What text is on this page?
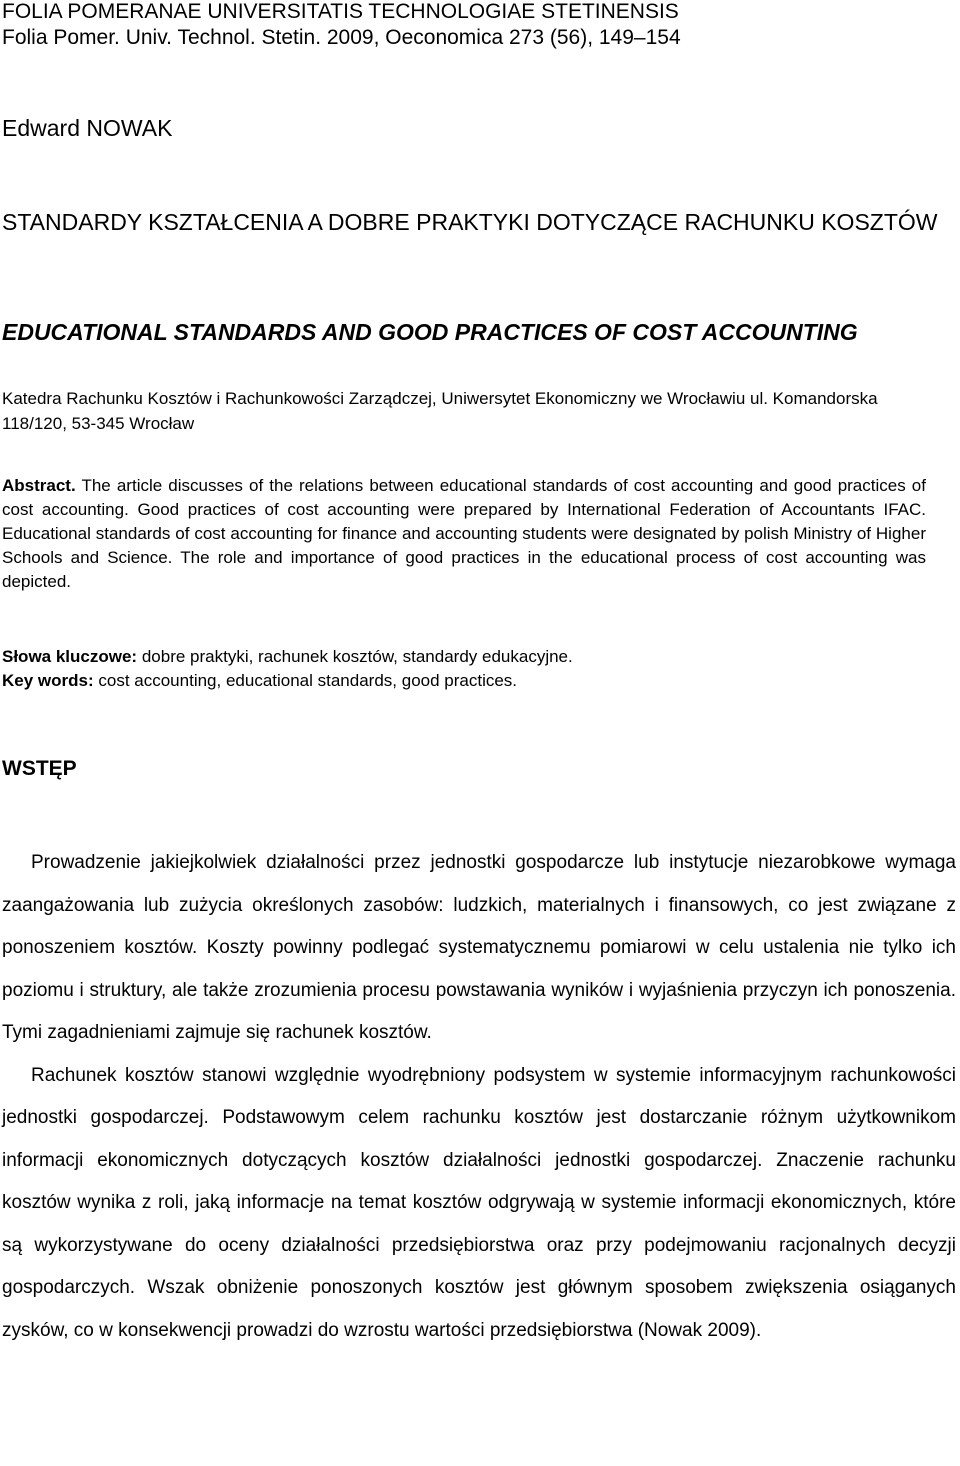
FOLIA POMERANAE UNIVERSITATIS TECHNOLOGIAE STETINENSIS
Folia Pomer. Univ. Technol. Stetin. 2009, Oeconomica 273 (56), 149–154
Edward NOWAK
STANDARDY KSZTAŁCENIA A DOBRE PRAKTYKI DOTYCZĄCE RACHUNKU KOSZTÓW
EDUCATIONAL STANDARDS AND GOOD PRACTICES OF COST ACCOUNTING

Katedra Rachunku Kosztów i Rachunkowości Zarządczej, Uniwersytet Ekonomiczny we Wrocławiu ul. Komandorska 118/120, 53-345 Wrocław

Abstract. The article discusses of the relations between educational standards of cost accounting and good practices of cost accounting. Good practices of cost accounting were prepared by International Federation of Accountants IFAC. Educational standards of cost accounting for finance and accounting students were designated by polish Ministry of Higher Schools and Science. The role and importance of good practices in the educational process of cost accounting was depicted.

Słowa kluczowe: dobre praktyki, rachunek kosztów, standardy edukacyjne.

Key words: cost accounting, educational standards, good practices.

WSTĘP

Prowadzenie jakiejkolwiek działalności przez jednostki gospodarcze lub instytucje niezarobkowe wymaga zaangażowania lub zużycia określonych zasobów: ludzkich, materialnych i finansowych, co jest związane z ponoszeniem kosztów. Koszty powinny podlegać systematycznemu pomiarowi w celu ustalenia nie tylko ich poziomu i struktury, ale także zrozumienia procesu powstawania wyników i wyjaśnienia przyczyn ich ponoszenia. Tymi zagadnieniami zajmuje się rachunek kosztów.

Rachunek kosztów stanowi względnie wyodrębniony podsystem w systemie informacyjnym rachunkowości jednostki gospodarczej. Podstawowym celem rachunku kosztów jest dostarczanie różnym użytkownikom informacji ekonomicznych dotyczących kosztów działalności jednostki gospodarczej. Znaczenie rachunku kosztów wynika z roli, jaką informacje na temat kosztów odgrywają w systemie informacji ekonomicznych, które są wykorzystywane do oceny działalności przedsiębiorstwa oraz przy podejmowaniu racjonalnych decyzji gospodarczych. Wszak obniżenie ponoszonych kosztów jest głównym sposobem zwiększenia osiąganych zysków, co w konsekwencji prowadzi do wzrostu wartości przedsiębiorstwa (Nowak 2009).
